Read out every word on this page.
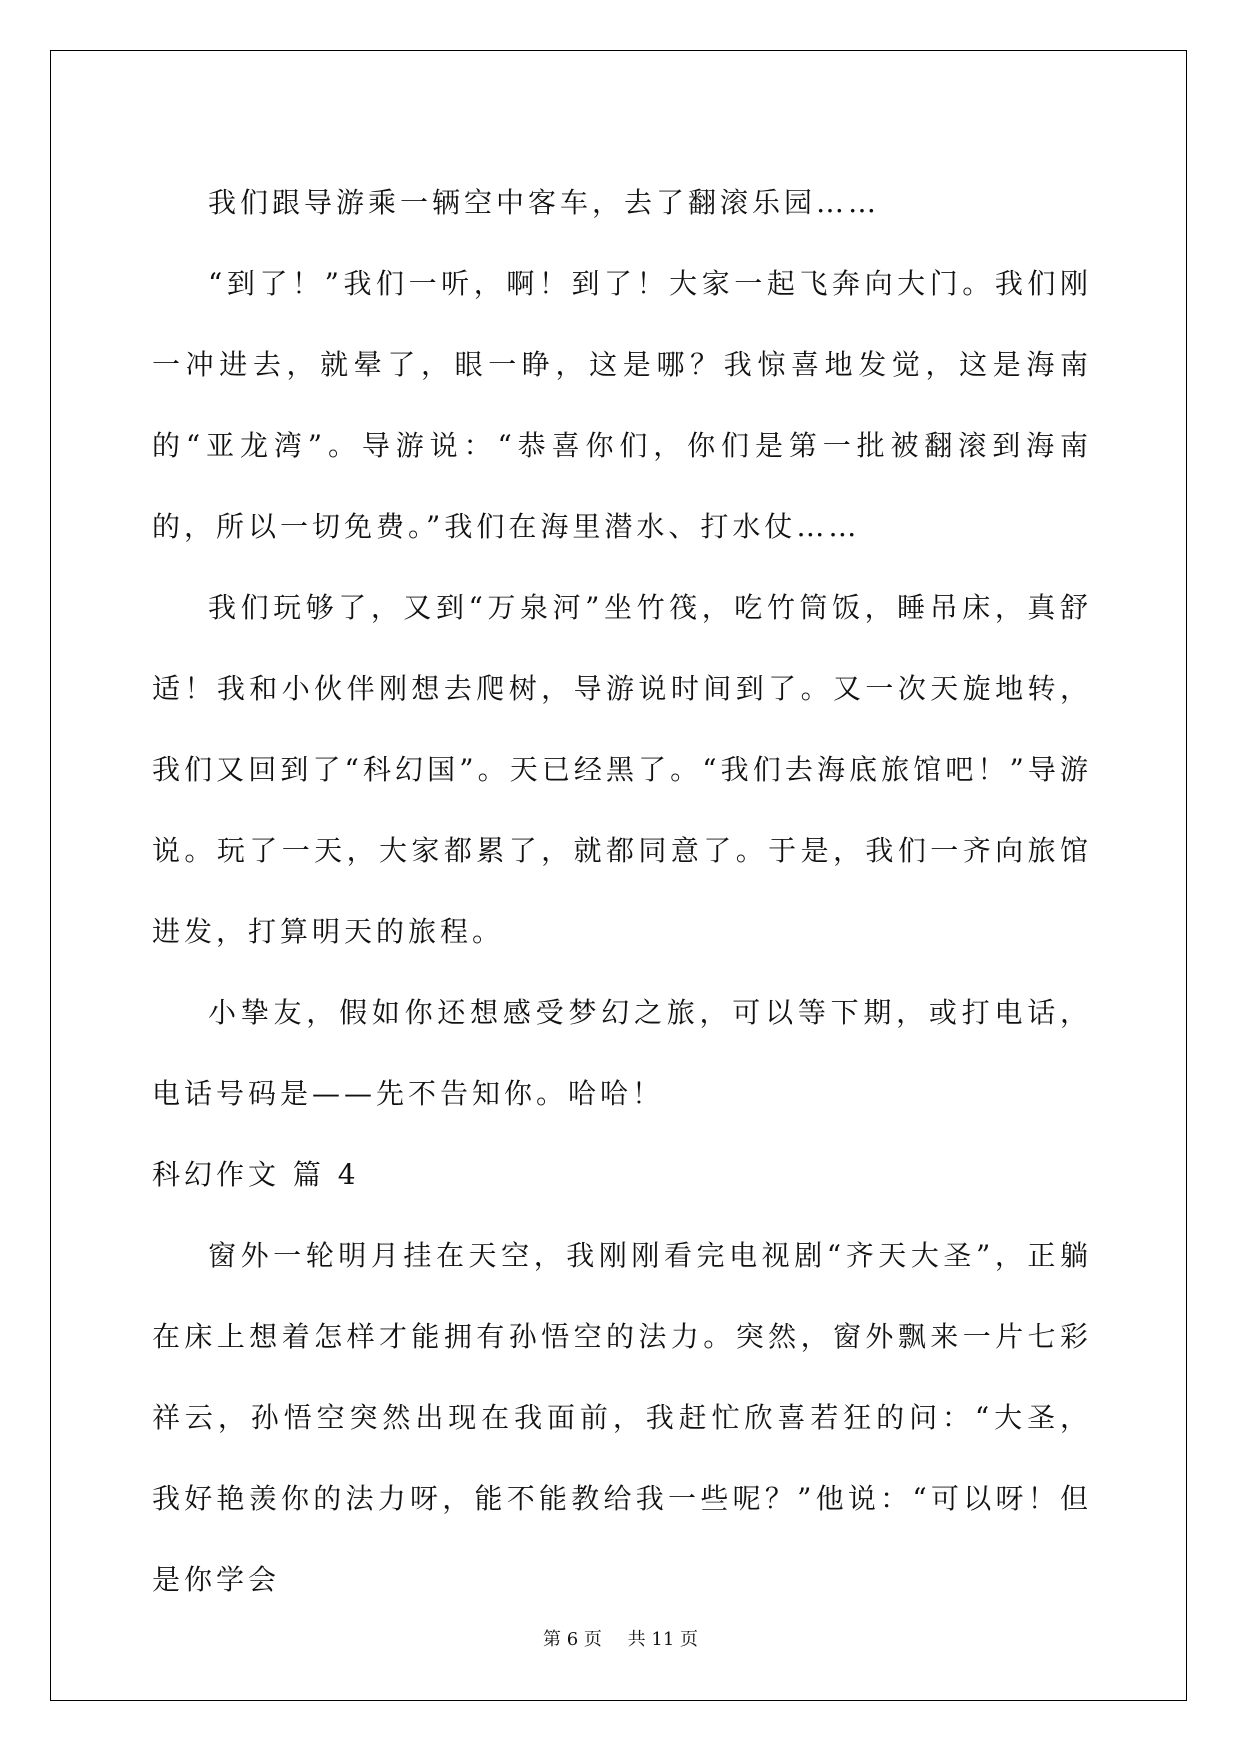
我们跟导游乘一辆空中客车，去了翻滚乐园……

“到了！”我们一听，啊！到了！大家一起飞奔向大门。我们刚一冲进去，就晕了，眼一睁，这是哪？我惊喜地发觉，这是海南的“亚龙湾”。导游说：“恭喜你们，你们是第一批被翻滚到海南的，所以一切免费。”我们在海里潜水、打水仗……

我们玩够了，又到“万泉河”坐竹筏，吃竹筒饭，睡吊床，真舒适！我和小伙伴刚想去爬树，导游说时间到了。又一次天旋地转，我们又回到了“科幻国”。天已经黑了。“我们去海底旅馆吧！”导游说。玩了一天，大家都累了，就都同意了。于是，我们一齐向旅馆进发，打算明天的旅程。

小挚友，假如你还想感受梦幻之旅，可以等下期，或打电话，电话号码是——先不告知你。哈哈！

科幻作文 篇 4

窗外一轮明月挂在天空，我刚刚看完电视剧“齐天大圣”，正躺在床上想着怎样才能拥有孙悟空的法力。突然，窗外飘来一片七彩祥云，孙悟空突然出现在我面前，我赶忙欣喜若狂的问：“大圣，我好艳羡你的法力呀，能不能教给我一些呢？”他说：“可以呀！但是你学会

第 6 页 共 11 页
